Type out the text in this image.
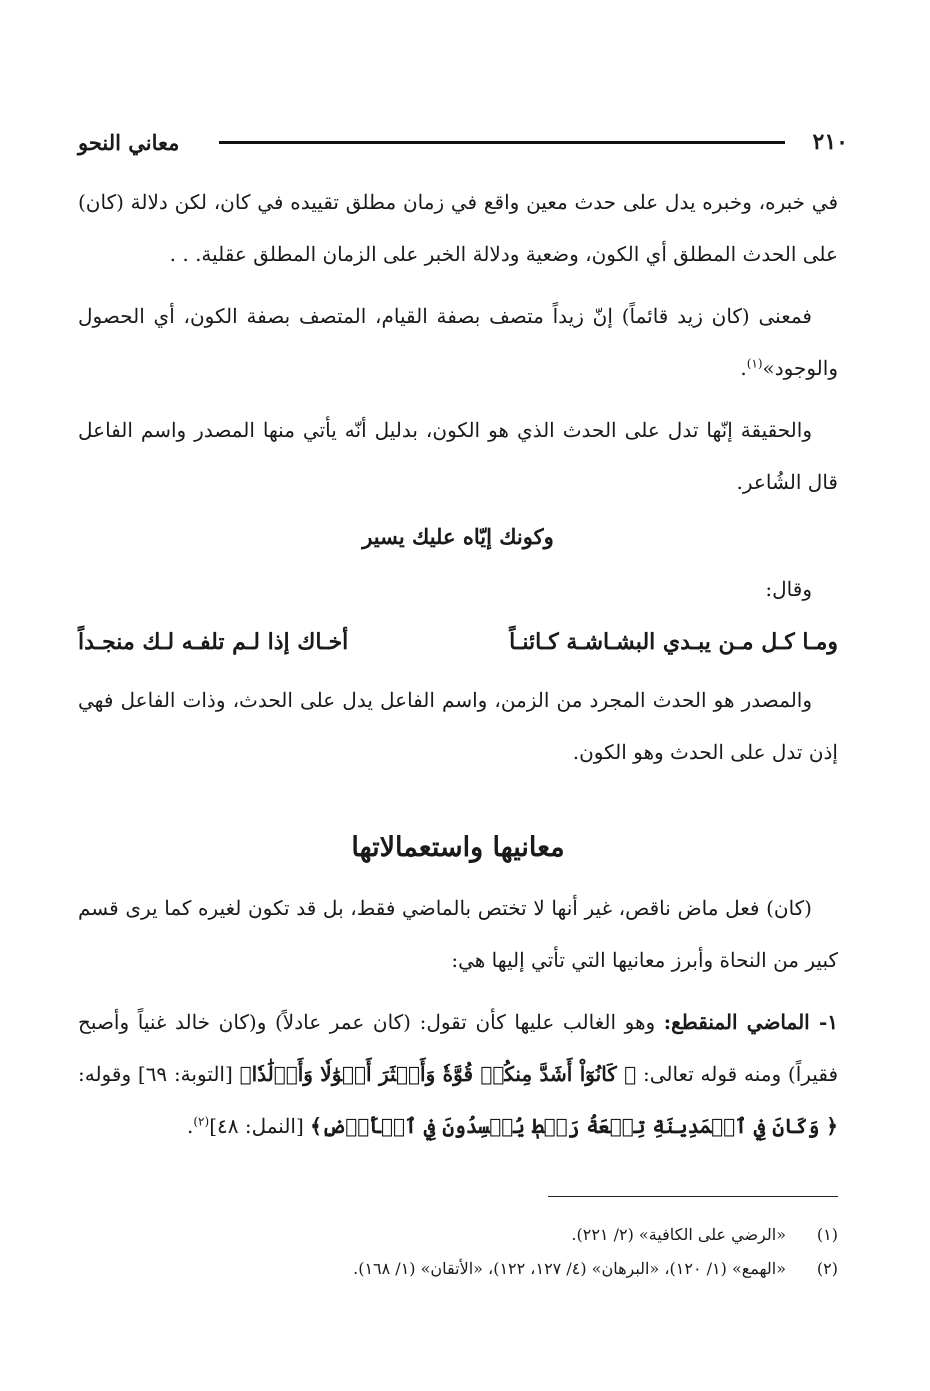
٢١٠
معاني النحو

في خبره، وخبره يدل على حدث معين واقع في زمان مطلق تقييده في كان، لكن دلالة (كان) على الحدث المطلق أي الكون، وضعية ودلالة الخبر على الزمان المطلق عقلية. . .

فمعنى (كان زيد قائماً) إنّ زيداً متصف بصفة القيام، المتصف بصفة الكون، أي الحصول والوجود»$^{(١)}$.

والحقيقة إنّها تدل على الحدث الذي هو الكون، بدليل أنّه يأتي منها المصدر واسم الفاعل قال الشُاعر.

وكونك إيّاه عليك يسير
وقال:
ومـا كـل مـن يبـدي البشـاشـة كـائنـاً
أخـاك إذا لـم تلفـه لـك منجـداً

والمصدر هو الحدث المجرد من الزمن، واسم الفاعل يدل على الحدث، وذات الفاعل فهي إذن تدل على الحدث وهو الكون.

معانيها واستعمالاتها

(كان) فعل ماض ناقص، غير أنها لا تختص بالماضي فقط، بل قد تكون لغيره كما يرى قسم كبير من النحاة وأبرز معانيها التي تأتي إليها هي:

١- الماضي المنقطع: وهو الغالب عليها كأن تقول: (كان عمر عادلاً) و(كان خالد غنياً وأصبح فقيراً) ومنه قوله تعالى: ﴿ كَانُوٓاْ أَشَدَّ مِنكُمۡ قُوَّةٗ وَأَكۡثَرَ أَمۡوَٰلٗا وَأَوۡلَٰدٗا﴾ [التوبة: ٦٩] وقوله: ﴿ وَكَانَ فِي ٱلۡمَدِينَةِ تِسۡعَةُ رَهۡطٖ يُفۡسِدُونَ فِي ٱلۡأَرۡضِ﴾ [النمل: ٤٨]$^{(٢)}$.

(١)
«الرضي على الكافية» (٢/ ٢٢١).
(٢)
«الهمع» (١/ ١٢٠)، «البرهان» (٤/ ١٢٧، ١٢٢)، «الأتقان» (١/ ١٦٨).
